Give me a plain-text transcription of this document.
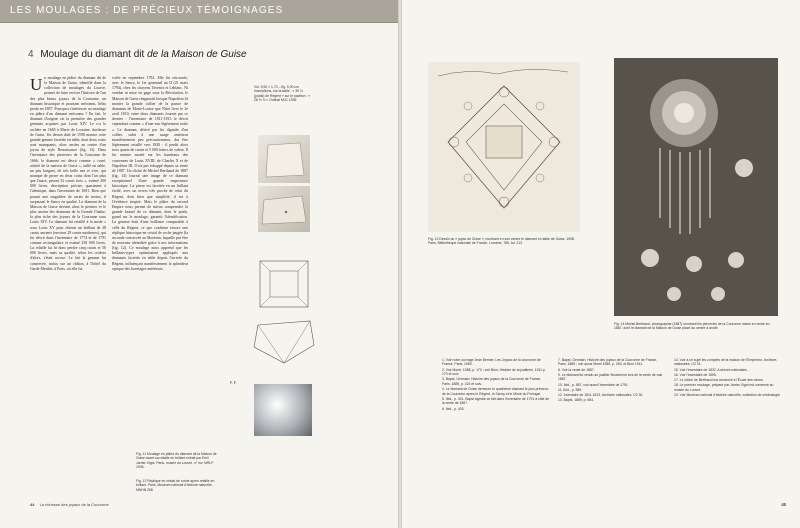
LES MOULAGES : DE PRÉCIEUX TÉMOIGNAGES
4 Moulage du diamant dit de la Maison de Guise
U n moulage en plâtre du diamant dit de la Maison de Guise, identifié dans la collection de moulages du Louvre, permet de faire revivre l'histoire de l'un des plus beaux joyaux de la Couronne, un diamant historique et pourtant méconnu, hélas perdu en 1887. Pourquoi s'intéresser au moulage en plâtre d'un diamant méconnu ? En fait, le diamant d'origine est la première des grandes gemmes acquises par Louis XIV. Le roi le rachète en 1665 à Marie de Lorraine, duchesse de Guise. Un dessin daté de 1598 montre cette grande gemme facettée en table, dont deux coins sont manquants, alors serties au centre d'un joyau de style Renaissance (fig. 13). Dans l'inventaire des pierreries de la Couronne de 1666, le diamant est décrit comme « carré, acheté de la maison de Guise », taillé en table, un peu longuet, de très belle eau et vive, qui manque de pierre en deux coins dont l'un plus que l'autre, pesant 33 carats forts », estimé 200 000 livres, description précise, quasiment à l'identique, dans l'inventaire de 1691. Rien que posant une singulière de carats de moins, il surpassait le Sancy en qualité. Le diamant de la Maison de Guise devient alors le premier et le plus ancien des diamants de la Grande Chaîne, la plus riche des joyaux de la Couronne sous Louis XIV. Le diamant fut retaillé à la mode « sous Louis XV pour obtenir un brillant de 28 carats anciens (environ 29 carats modernes), qui fut décrit dans l'inventaire de 1774 et de 1791 comme rectangulaire et estimé 250 000 livres. La relaille lui fit donc perdre cinq carats et 50 000 livres, mais sa qualité, selon les critères d'alors, s'était accrue. Le fait la gemme fut conservée, inclus sur un châton, à l'hôtel du Garde Meuble, à Paris, où elle fut

volée en septembre 1792. Elle fut retrouvée, avec le Sancy, le 1er germinal an II (21 mars 1794), chez les citoyens Tavenot et Leblanc. Ni vendue ni mise en gage sous la Révolution, le Maison de Guise réapparaît lorsque Napoléon fit monter la grande collier de la parure de diamants de Marie-Louise que Nitot livre le 2e avril 1810, entre deux diamants fournis par ce dernier : l'inventaire de 1811-1813 le décrit cependant comme « d'une eau légèrement roule ». Le diamant, dérivé par les dignités d'un collier, subit à une usage antérieur manifestement peu précautionneux, dut être légèrement retaillé vers 1820 : il perdit alors trois quarts de carats et 5 000 francs de valeur. Il fut ensuite monté sur les bandeaux des couronnes de Louis XVIII, de Charles X et de Napoléon III. Il n'a pas échappé depuis sa vente de 1887. Un cliché de Michel Berthaud de 1887 (fig. 14) fournit une image de ce diamant exceptionnel d'une grande importance historique. La pierre est facettée en un brillant étoilé, avec un revers très proche de celui du Régent, dont bien que simplifié, il est à l'évidence inspiré. Mais le plâtre du second Empire nous permet de mieux comprendre la grande beauté de ce diamant, dont le poids, grand sur le moulage, garantit l'identification. La gemme était d'une brillance comparable à celle du Régent, ce que confirme encore une réplique historique en cristal de roche jaugée (la seconde conservée au Muséum, laquelle put être de nouveau identifiée grâce à nos informations (fig. 12). Ce moulage nous apprend que les brillants-types optimisaient appliqués aux diamants facettés en table depuis l'arrivée du Régent, influençant manifestement la splendeur optique des facettages antérieurs.

F. F.
Vol. 9,50 × 1,70 – fig. 5,00 cm Inscriptions, sur la table : « 35 ⅛ (poids) de Régent » sur le pavillon : « 28 ⅝ ⅛ » Ordinal MJC 1936
Fig. 11 Moulage en plâtre du diamant dit la Maison de Guise avant sa retaille en brillant extrait par Emil Jarrier-Vigot. Paris, musée du Louvre, n° inv. MRLP 1936.
Fig. 12 Réplique en cristal de roche après retaille en brillant. Paris, Muséum national d'histoire naturelle, MNHN 268
44 La richesse des joyaux de la Couronne
Fig. 13 Dessin du « joyau de Guise », montrant en son centre le diamant en table de Guise, 1598. Paris, Bibliothèque nationale de France, Lorraine, 785, fol. 213
Fig. 14 Michel Berthaud, photographie (1887) montrant les pierreries de la Couronne mises en vente en 1887, dont le diamant de la Maison de Guise placé au centre à droite

1. Voir notre ouvrage Jean Bernier, Les Joyaux de la couronne de France, Paris, 1989.

2. Voir Morel, 1988, p. 170 ; voir Bion, Histoire de la joaillerie, 1911 p. 170 et suiv.

3. Bapst, Germain, Histoire des joyaux de la Couronne de France, Paris, 1889, p. 424 et suiv.

4. Le diamant de Guise demeure le quatrième diamant le plus précieux de la Couronne après le Régent, le Sancy et le Miroir du Portugal.

5. Ibid., p. 401. Bapst signale ce fait dans l'inventaire de 1791 à côté de la vente de 1887.

6. Ibid., p. 403.

7. Bapst, Germain, Histoire des joyaux de la Couronne de France, Paris, 1889 ; voir aussi Morel 1988, p. 263, et Bion 1911.

8. Voir la vente de 1887.

9. Le diamant fut vendu au joaillier Boucheron lors de la vente de mai 1887.

10. Ibid., p. 587, voir aussi l'inventaire de 1791.

11. Ibid., p. 589.

12. Inventaire de 1811-1813, Archives nationales, O2 30.

13. Bapst, 1889, p. 654.

14. Voir à ce sujet les comptes de la maison de l'Empereur, Archives nationales, O2 31.

15. Voir l'inventaire de 1832, Archives nationales.

16. Voir l'inventaire de 1855.

17. Le cliché de Berthaud est conservé à l'École des mines.

18. Le premier moulage, préparé par Jarrier-Vigot est conservé au musée du Louvre.

19. Voir Muséum national d'histoire naturelle, collection de minéralogie.

45
